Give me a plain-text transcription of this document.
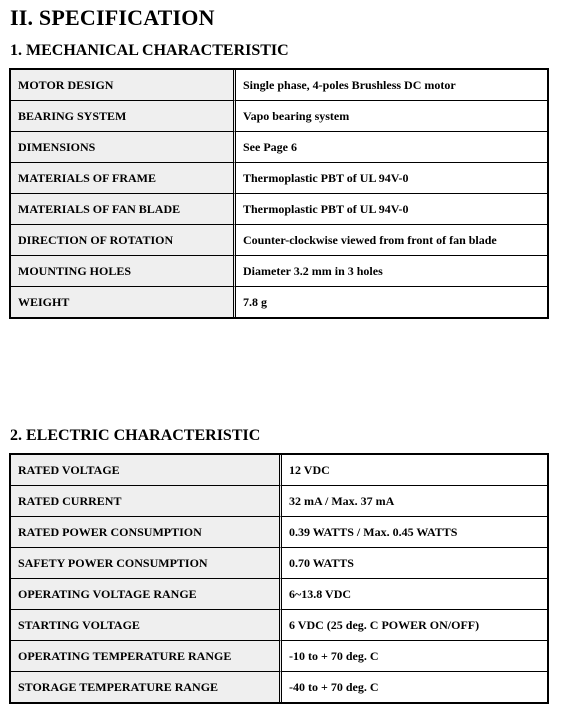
II. SPECIFICATION
1. MECHANICAL CHARACTERISTIC
MOTOR DESIGN	Single phase, 4-poles Brushless DC motor
BEARING SYSTEM	Vapo bearing system
DIMENSIONS	See Page 6
MATERIALS OF FRAME	Thermoplastic PBT of UL 94V-0
MATERIALS OF FAN BLADE	Thermoplastic PBT of UL 94V-0
DIRECTION OF ROTATION	Counter-clockwise viewed from front of fan blade
MOUNTING HOLES	Diameter 3.2 mm in 3 holes
WEIGHT	7.8 g
2. ELECTRIC CHARACTERISTIC
RATED VOLTAGE	12 VDC
RATED CURRENT	32 mA / Max. 37 mA
RATED POWER CONSUMPTION	0.39 WATTS / Max. 0.45 WATTS
SAFETY POWER CONSUMPTION	0.70 WATTS
OPERATING VOLTAGE RANGE	6~13.8 VDC
STARTING VOLTAGE	6 VDC (25 deg. C POWER ON/OFF)
OPERATING TEMPERATURE RANGE	-10 to + 70 deg. C
STORAGE TEMPERATURE RANGE	-40 to + 70 deg. C
